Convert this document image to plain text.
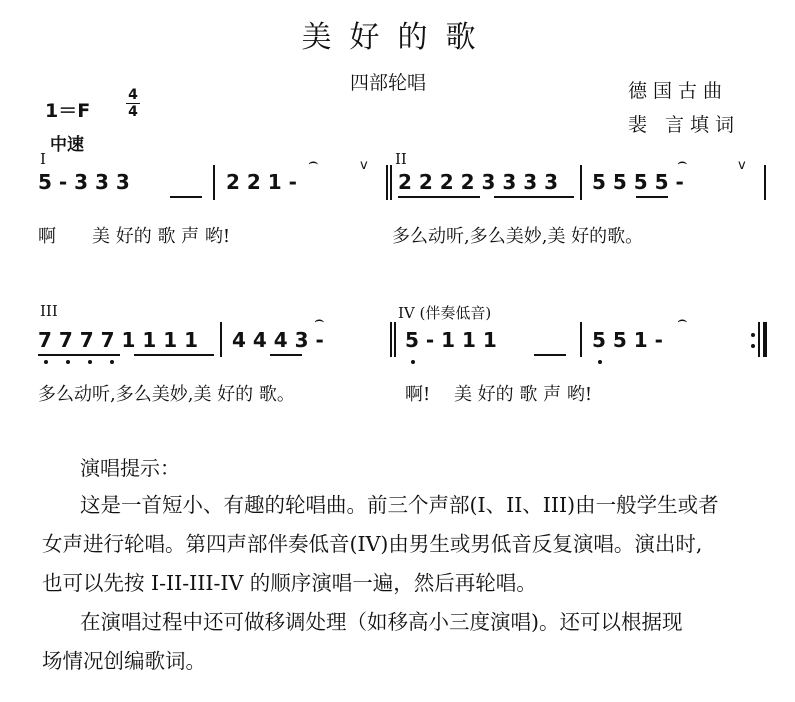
美好的歌
四部轮唱	德国古曲
裴 言填词
1＝F
4
4
中速
I	II
5 - 3 3 3	2 2 1 -
⌢	v
2 2 2 2 3 3 3 3 5 5 5 5 -
⌢	v
啊　　美 好的 歌 声 哟!	多么动听,多么美妙,美 好的歌。
III	IV (伴奏低音)
7 7 7 7 1 1 1 1 4 4 4 3 -
⌢
5 - 1 1 1	5 5 1 -
⌢
多么动听,多么美妙,美 好的 歌。	啊!　 美 好的 歌 声 哟!
演唱提示：
这是一首短小、有趣的轮唱曲。前三个声部(I、II、III)由一般学生或者
女声进行轮唱。第四声部伴奏低音(IV)由男生或男低音反复演唱。演出时,
也可以先按 I-II-III-IV 的顺序演唱一遍，然后再轮唱。
在演唱过程中还可做移调处理（如移高小三度演唱)。还可以根据现
场情况创编歌词。
